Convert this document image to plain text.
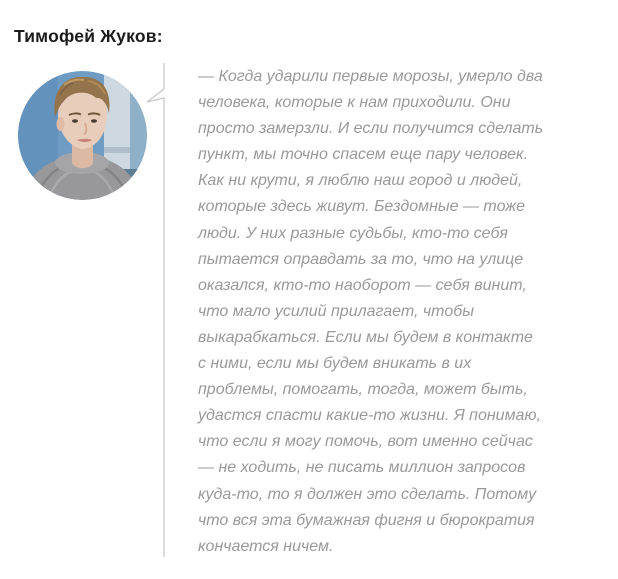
Тимофей Жуков:
— Когда ударили первые морозы, умерло два
человека, которые к нам приходили. Они
просто замерзли. И если получится сделать
пункт, мы точно спасем еще пару человек.
Как ни крути, я люблю наш город и людей,
которые здесь живут. Бездомные — тоже
люди. У них разные судьбы, кто-то себя
пытается оправдать за то, что на улице
оказался, кто-то наоборот — себя винит,
что мало усилий прилагает, чтобы
выкарабкаться. Если мы будем в контакте
с ними, если мы будем вникать в их
проблемы, помогать, тогда, может быть,
удастся спасти какие-то жизни. Я понимаю,
что если я могу помочь, вот именно сейчас
— не ходить, не писать миллион запросов
куда-то, то я должен это сделать. Потому
что вся эта бумажная фигня и бюрократия
кончается ничем.
